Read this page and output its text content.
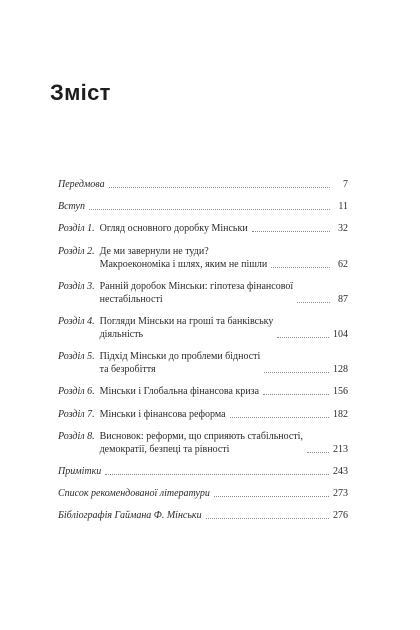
Зміст
Передмова	7
Вступ	11
Розділ 1. Огляд основного доробку Мінськи	32
Розділ 2. Де ми завернули не туди?
Макроекономіка і шлях, яким не пішли	62
Розділ 3. Ранній доробок Мінськи: гіпотеза фінансової
нестабільності	87
Розділ 4. Погляди Мінськи на гроші та банківську
діяльність	104
Розділ 5. Підхід Мінськи до проблеми бідності
та безробіття	128
Розділ 6. Мінськи і Глобальна фінансова криза	156
Розділ 7. Мінськи і фінансова реформа	182
Розділ 8. Висновок: реформи, що сприяють стабільності,
демократії, безпеці та рівності	213
Примітки	243
Список рекомендованої літератури	273
Бібліографія Гаймана Ф. Мінськи	276
